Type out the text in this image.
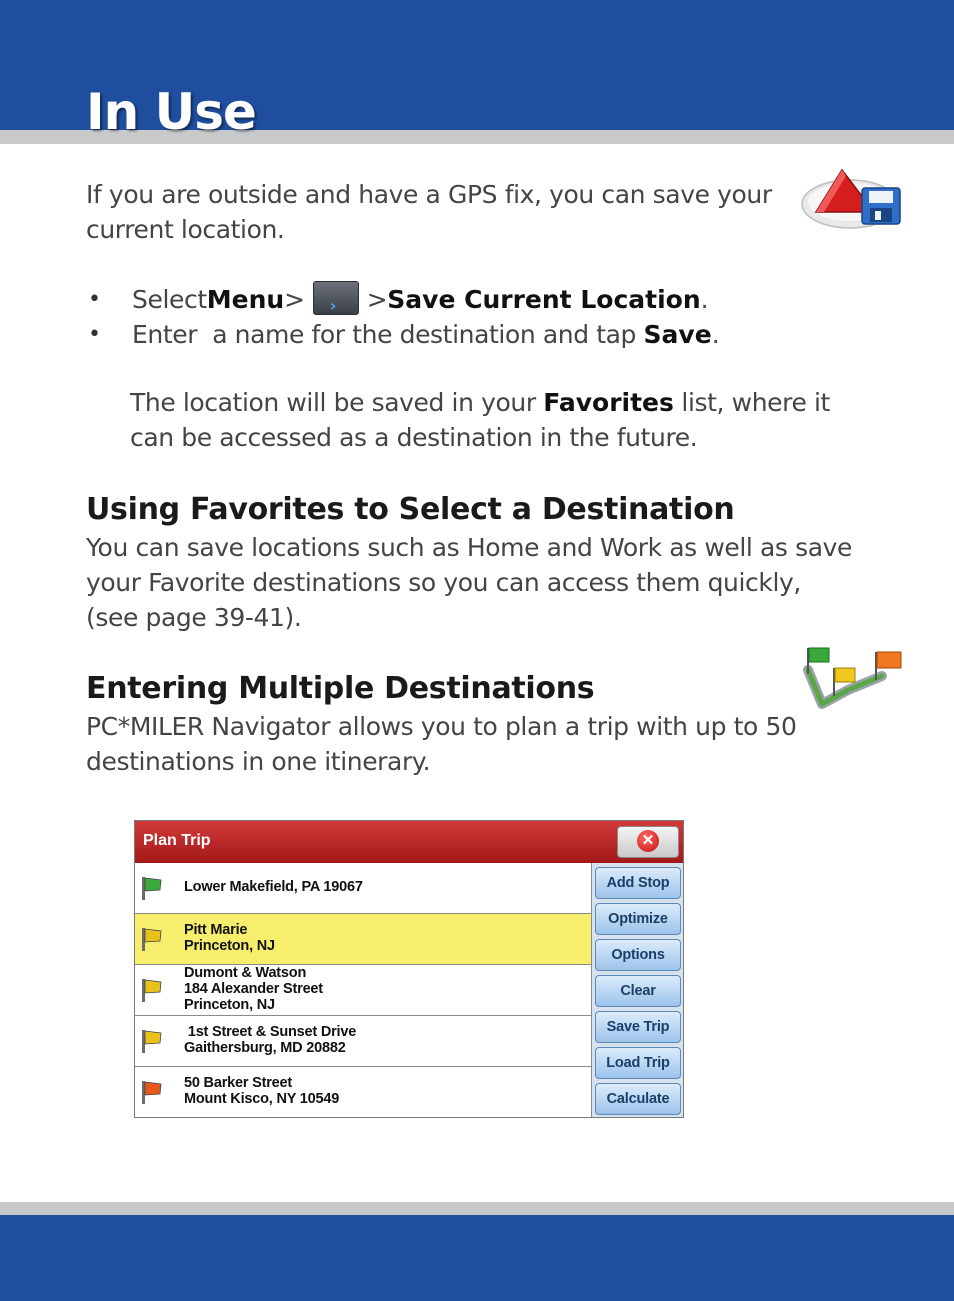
In Use

If you are outside and have a GPS fix, you can save your current location.

•	Select Menu > › > Save Current Location .

•	Enter  a name for the destination and tap Save .

The location will be saved in your Favorites list, where it can be accessed as a destination in the future.

Using Favorites to Select a Destination
You can save locations such as Home and Work as well as save
your Favorite destinations so you can access them quickly,
(see page 39-41).
Entering Multiple Destinations
PC*MILER Navigator allows you to plan a trip with up to 50
destinations in one itinerary.
Plan Trip	✕
Lower Makefield, PA 19067
Pitt Marie
Princeton, NJ
Dumont & Watson
184 Alexander Street
Princeton, NJ
1st Street & Sunset Drive
Gaithersburg, MD 20882
50 Barker Street
Mount Kisco, NY 10549
Add Stop
Optimize
Options
Clear
Save Trip
Load Trip
Calculate
